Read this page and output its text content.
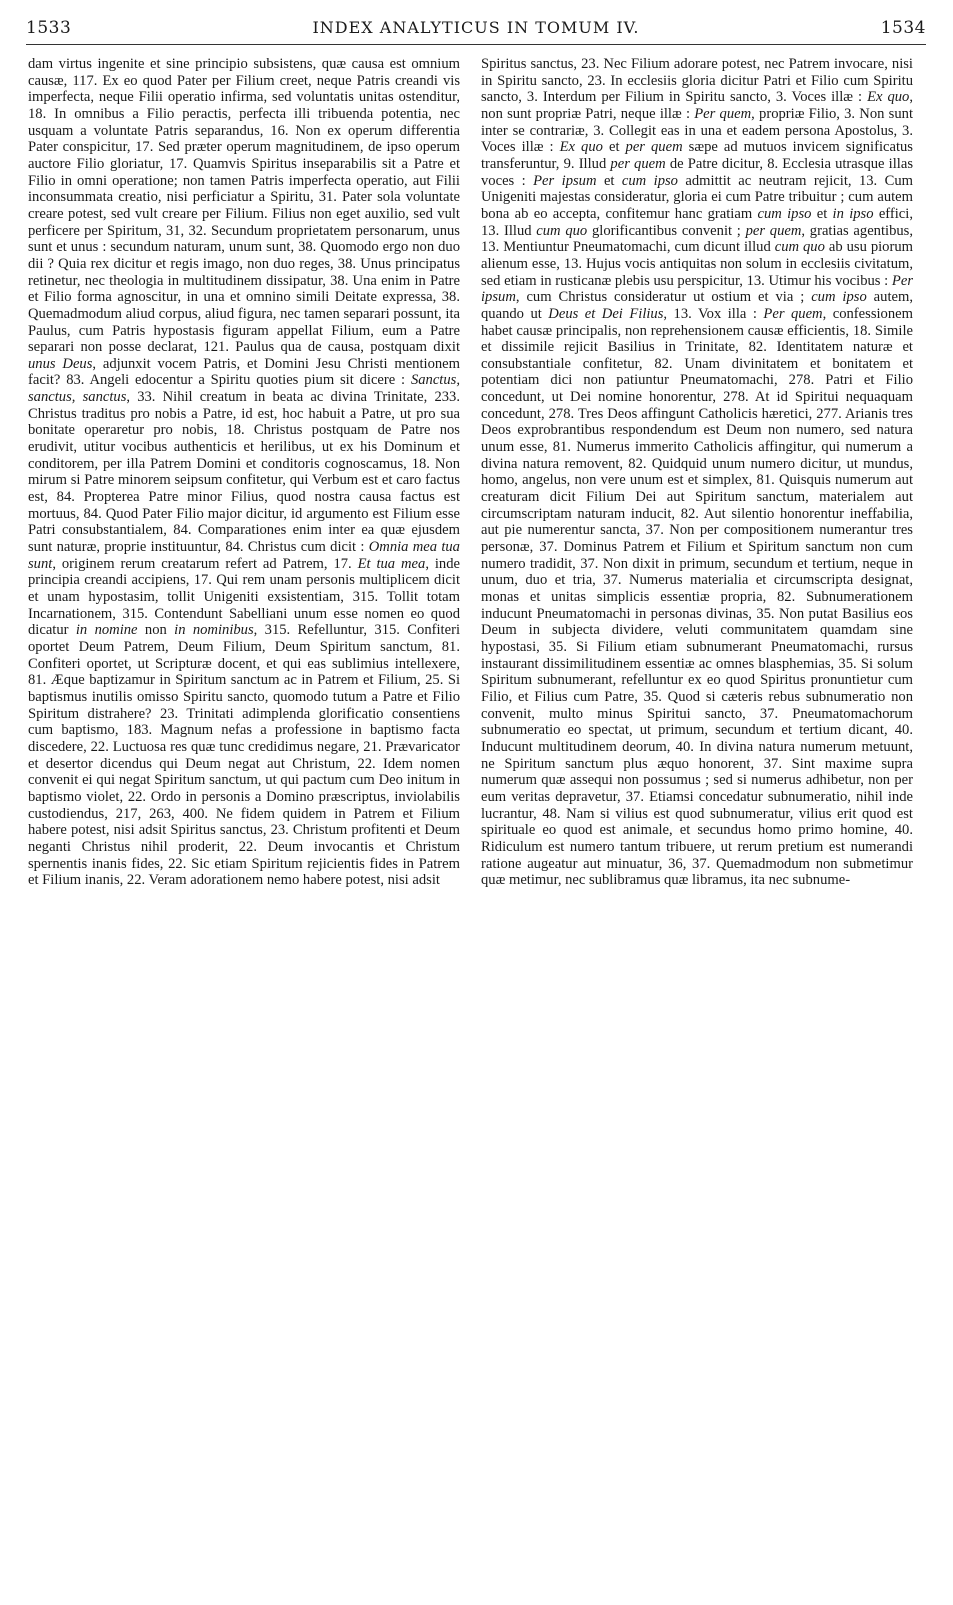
1533	INDEX ANALYTICUS IN TOMUM IV.	1534

dam virtus ingenite et sine principio subsistens, quæ causa est omnium causæ, 117. Ex eo quod Pater per Filium creet, neque Patris creandi vis imperfecta, neque Filii operatio infirma, sed voluntatis unitas ostenditur, 18. In omnibus a Filio peractis, perfecta illi tribuenda potentia, nec usquam a voluntate Patris separandus, 16. Non ex operum differentia Pater conspicitur, 17. Sed præter operum magnitudinem, de ipso operum auctore Filio gloriatur, 17. Quamvis Spiritus inseparabilis sit a Patre et Filio in omni operatione; non tamen Patris imperfecta operatio, aut Filii inconsummata creatio, nisi perficiatur a Spiritu, 31. Pater sola voluntate creare potest, sed vult creare per Filium. Filius non eget auxilio, sed vult perficere per Spiritum, 31, 32. Secundum proprietatem personarum, unus sunt et unus : secundum naturam, unum sunt, 38. Quomodo ergo non duo dii ? Quia rex dicitur et regis imago, non duo reges, 38. Unus principatus retinetur, nec theologia in multitudinem dissipatur, 38. Una enim in Patre et Filio forma agnoscitur, in una et omnino simili Deitate expressa, 38. Quemadmodum aliud corpus, aliud figura, nec tamen separari possunt, ita Paulus, cum Patris hypostasis figuram appellat Filium, eum a Patre separari non posse declarat, 121. Paulus qua de causa, postquam dixit unus Deus, adjunxit vocem Patris, et Domini Jesu Christi mentionem facit? 83. Angeli edocentur a Spiritu quoties pium sit dicere : Sanctus, sanctus, sanctus, 33. Nihil creatum in beata ac divina Trinitate, 233. Christus traditus pro nobis a Patre, id est, hoc habuit a Patre, ut pro sua bonitate operaretur pro nobis, 18. Christus postquam de Patre nos erudivit, utitur vocibus authenticis et herilibus, ut ex his Dominum et conditorem, per illa Patrem Domini et conditoris cognoscamus, 18. Non mirum si Patre minorem seipsum confitetur, qui Verbum est et caro factus est, 84. Propterea Patre minor Filius, quod nostra causa factus est mortuus, 84. Quod Pater Filio major dicitur, id argumento est Filium esse Patri consubstantialem, 84. Comparationes enim inter ea quæ ejusdem sunt naturæ, proprie instituuntur, 84. Christus cum dicit : Omnia mea tua sunt, originem rerum creatarum refert ad Patrem, 17. Et tua mea, inde principia creandi accipiens, 17. Qui rem unam personis multiplicem dicit et unam hypostasim, tollit Unigeniti exsistentiam, 315. Tollit totam Incarnationem, 315. Contendunt Sabelliani unum esse nomen eo quod dicatur in nomine non in nominibus, 315. Refelluntur, 315. Confiteri oportet Deum Patrem, Deum Filium, Deum Spiritum sanctum, 81. Confiteri oportet, ut Scripturæ docent, et qui eas sublimius intellexere, 81. Æque baptizamur in Spiritum sanctum ac in Patrem et Filium, 25. Si baptismus inutilis omisso Spiritu sancto, quomodo tutum a Patre et Filio Spiritum distrahere? 23. Trinitati adimplenda glorificatio consentiens cum baptismo, 183. Magnum nefas a professione in baptismo facta discedere, 22. Luctuosa res quæ tunc credidimus negare, 21. Prævaricator et desertor dicendus qui Deum negat aut Christum, 22. Idem nomen convenit ei qui negat Spiritum sanctum, ut qui pactum cum Deo initum in baptismo violet, 22. Ordo in personis a Domino præscriptus, inviolabilis custodiendus, 217, 263, 400. Ne fidem quidem in Patrem et Filium habere potest, nisi adsit Spiritus sanctus, 23. Christum profitenti et Deum neganti Christus nihil proderit, 22. Deum invocantis et Christum spernentis inanis fides, 22. Sic etiam Spiritum rejicientis fides in Patrem et Filium inanis, 22. Veram adorationem nemo habere potest, nisi adsit

Spiritus sanctus, 23. Nec Filium adorare potest, nec Patrem invocare, nisi in Spiritu sancto, 23. In ecclesiis gloria dicitur Patri et Filio cum Spiritu sancto, 3. Interdum per Filium in Spiritu sancto, 3. Voces illæ : Ex quo, non sunt propriæ Patri, neque illæ : Per quem, propriæ Filio, 3. Non sunt inter se contrariæ, 3. Collegit eas in una et eadem persona Apostolus, 3. Voces illæ : Ex quo et per quem sæpe ad mutuos invicem significatus transferuntur, 9. Illud per quem de Patre dicitur, 8. Ecclesia utrasque illas voces : Per ipsum et cum ipso admittit ac neutram rejicit, 13. Cum Unigeniti majestas consideratur, gloria ei cum Patre tribuitur ; cum autem bona ab eo accepta, confitemur hanc gratiam cum ipso et in ipso effici, 13. Illud cum quo glorificantibus convenit ; per quem, gratias agentibus, 13. Mentiuntur Pneumatomachi, cum dicunt illud cum quo ab usu piorum alienum esse, 13. Hujus vocis antiquitas non solum in ecclesiis civitatum, sed etiam in rusticanæ plebis usu perspicitur, 13. Utimur his vocibus : Per ipsum, cum Christus consideratur ut ostium et via ; cum ipso autem, quando ut Deus et Dei Filius, 13. Vox illa : Per quem, confessionem habet causæ principalis, non reprehensionem causæ efficientis, 18. Simile et dissimile rejicit Basilius in Trinitate, 82. Identitatem naturæ et consubstantiale confitetur, 82. Unam divinitatem et bonitatem et potentiam dici non patiuntur Pneumatomachi, 278. Patri et Filio concedunt, ut Dei nomine honorentur, 278. At id Spiritui nequaquam concedunt, 278. Tres Deos affingunt Catholicis hæretici, 277. Arianis tres Deos exprobrantibus respondendum est Deum non numero, sed natura unum esse, 81. Numerus immerito Catholicis affingitur, qui numerum a divina natura removent, 82. Quidquid unum numero dicitur, ut mundus, homo, angelus, non vere unum est et simplex, 81. Quisquis numerum aut creaturam dicit Filium Dei aut Spiritum sanctum, materialem aut circumscriptam naturam inducit, 82. Aut silentio honorentur ineffabilia, aut pie numerentur sancta, 37. Non per compositionem numerantur tres personæ, 37. Dominus Patrem et Filium et Spiritum sanctum non cum numero tradidit, 37. Non dixit in primum, secundum et tertium, neque in unum, duo et tria, 37. Numerus materialia et circumscripta designat, monas et unitas simplicis essentiæ propria, 82. Subnumerationem inducunt Pneumatomachi in personas divinas, 35. Non putat Basilius eos Deum in subjecta dividere, veluti communitatem quamdam sine hypostasi, 35. Si Filium etiam subnumerant Pneumatomachi, rursus instaurant dissimilitudinem essentiæ ac omnes blasphemias, 35. Si solum Spiritum subnumerant, refelluntur ex eo quod Spiritus pronuntietur cum Filio, et Filius cum Patre, 35. Quod si cæteris rebus subnumeratio non convenit, multo minus Spiritui sancto, 37. Pneumatomachorum subnumeratio eo spectat, ut primum, secundum et tertium dicant, 40. Inducunt multitudinem deorum, 40. In divina natura numerum metuunt, ne Spiritum sanctum plus æquo honorent, 37. Sint maxime supra numerum quæ assequi non possumus ; sed si numerus adhibetur, non per eum veritas depravetur, 37. Etiamsi concedatur subnumeratio, nihil inde lucrantur, 48. Nam si vilius est quod subnumeratur, vilius erit quod est spirituale eo quod est animale, et secundus homo primo homine, 40. Ridiculum est numero tantum tribuere, ut rerum pretium est numerandi ratione augeatur aut minuatur, 36, 37. Quemadmodum non submetimur quæ metimur, nec sublibramus quæ libramus, ita nec subnume-
